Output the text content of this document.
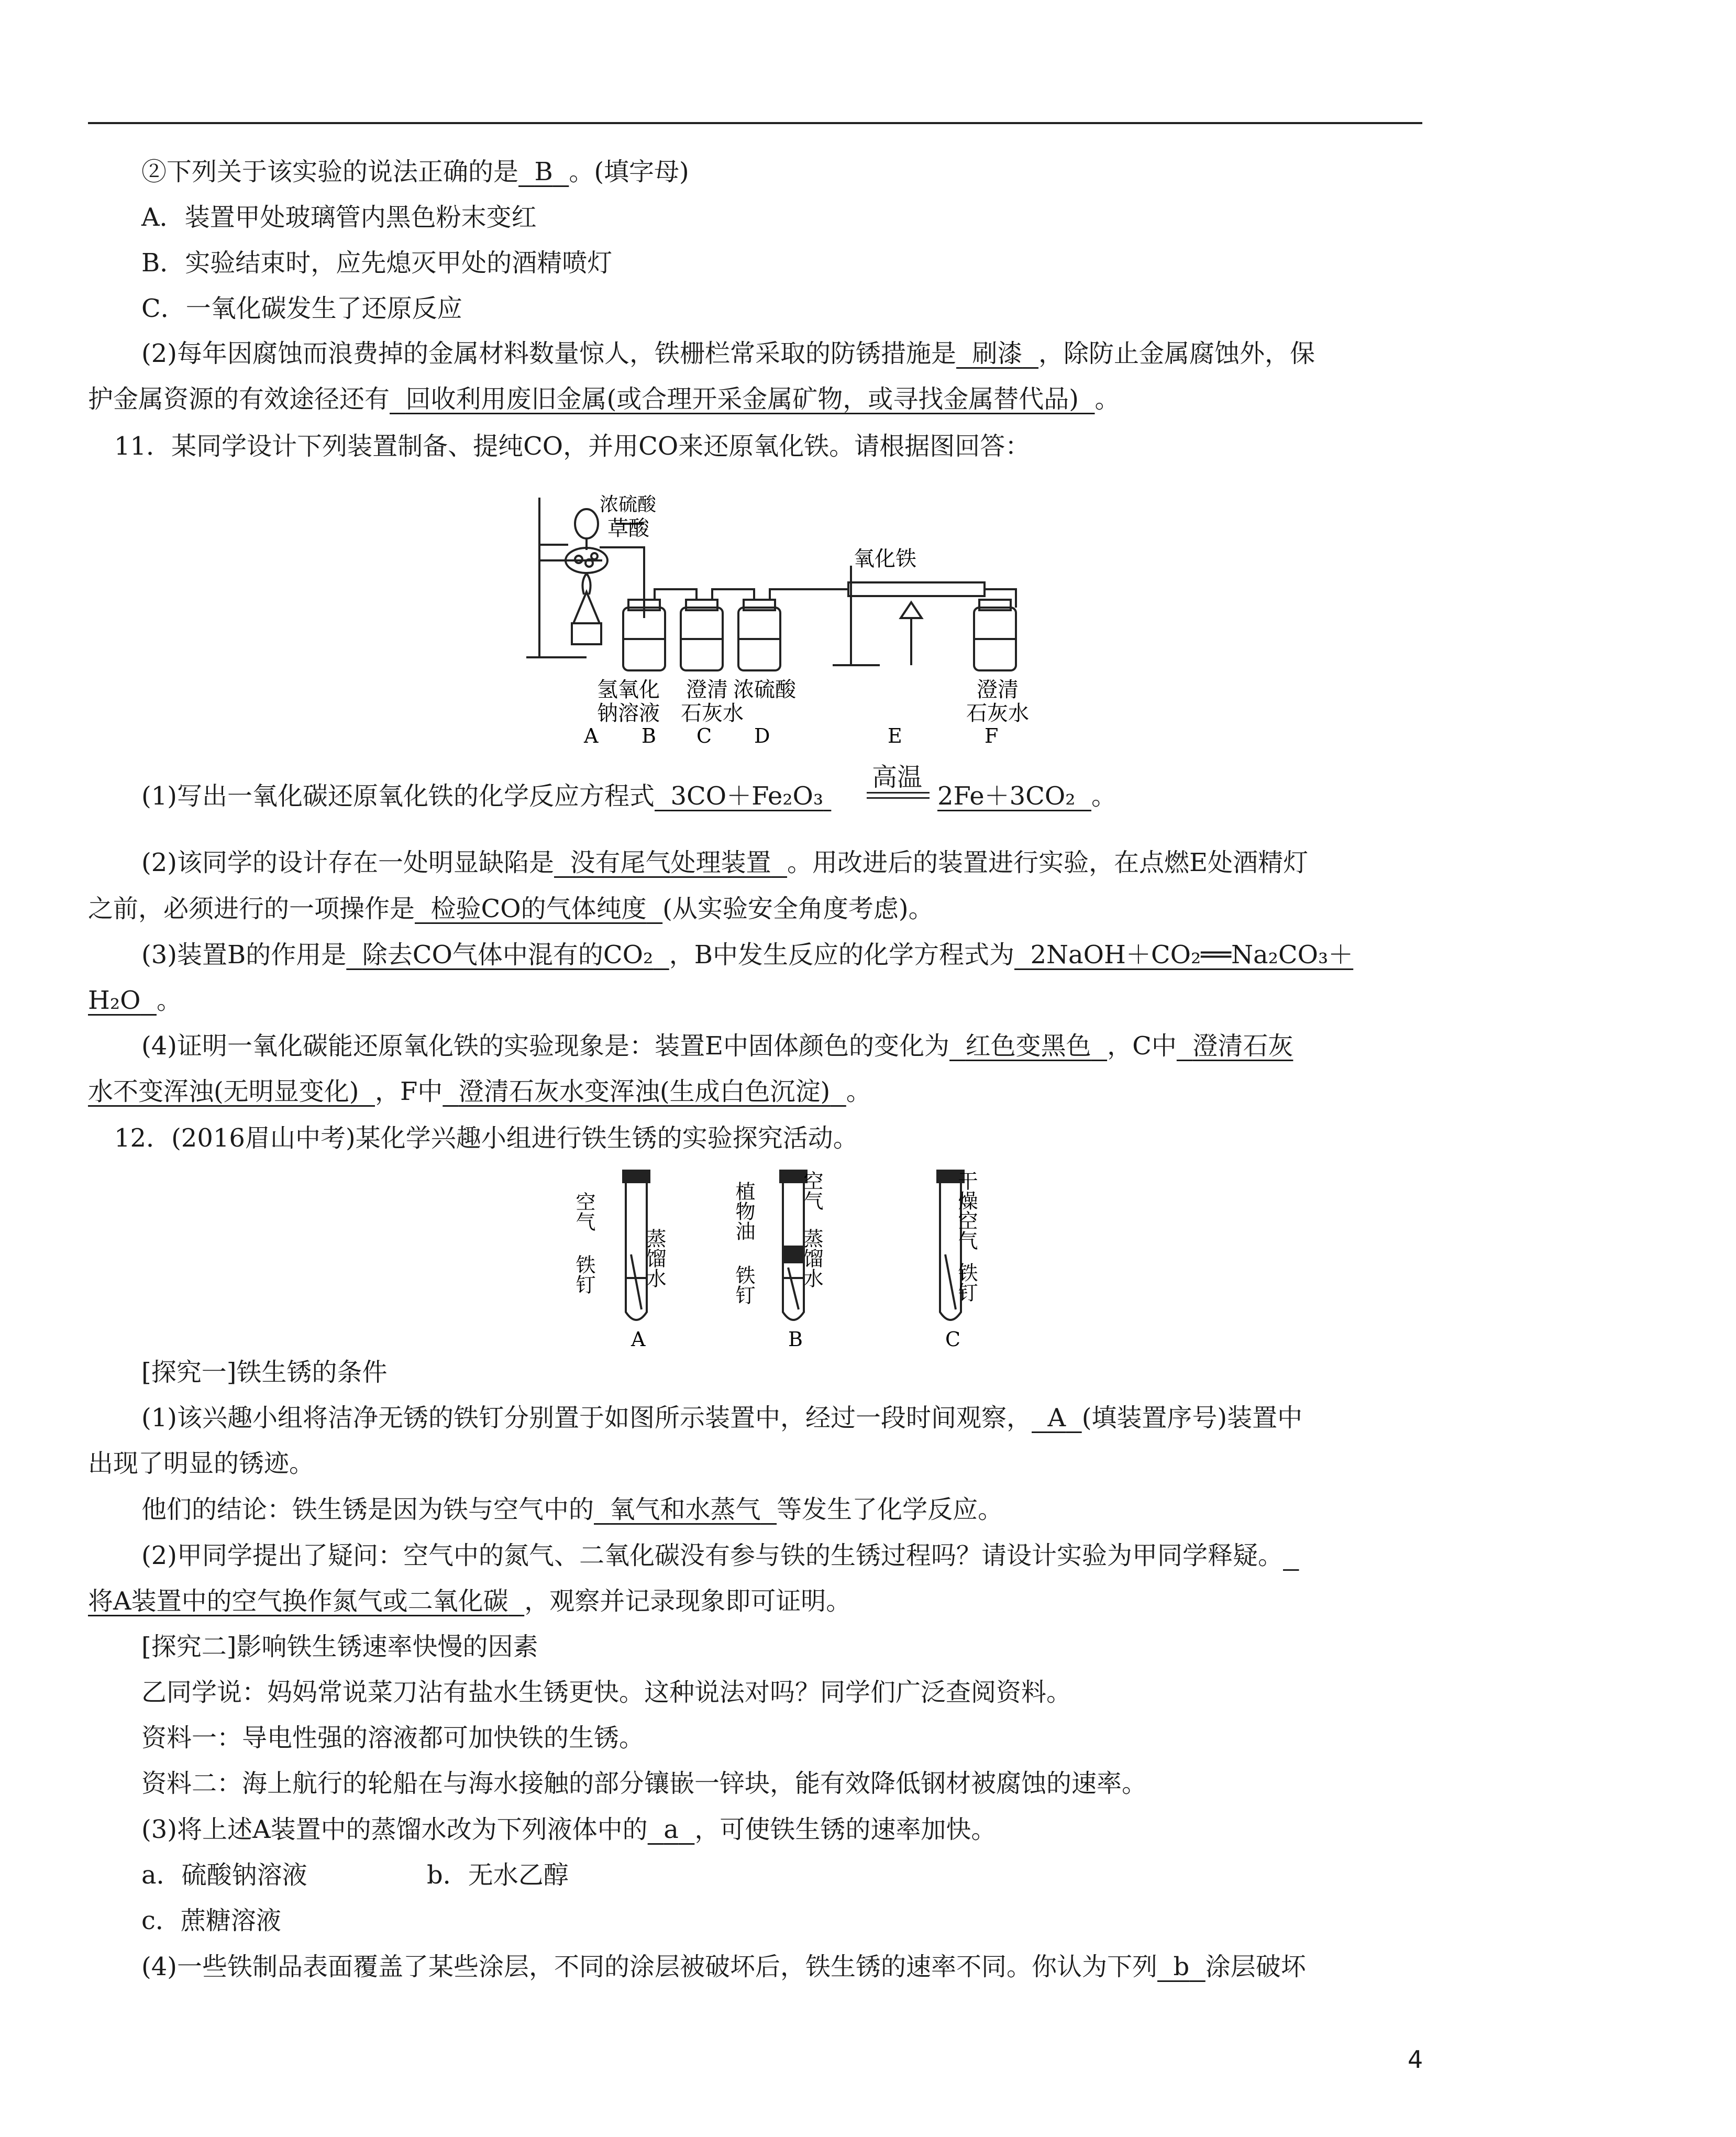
②下列关于该实验的说法正确的是 B 。(填字母)
A．装置甲处玻璃管内黑色粉末变红
B．实验结束时，应先熄灭甲处的酒精喷灯
C．一氧化碳发生了还原反应
(2)每年因腐蚀而浪费掉的金属材料数量惊人，铁栅栏常采取的防锈措施是 刷漆 ，除防止金属腐蚀外，保
护金属资源的有效途径还有 回收利用废旧金属(或合理开采金属矿物，或寻找金属替代品) 。
11．某同学设计下列装置制备、提纯CO，并用CO来还原氧化铁。请根据图回答：
浓硫酸
草酸
氧化铁
氢氧化
钠溶液
澄清
石灰水
浓硫酸	澄清
石灰水
A B C D	E	F
(1)写出一氧化碳还原氧化铁的化学反应方程式 3CO＋Fe₂O₃
高温
2Fe＋3CO₂ 。
(2)该同学的设计存在一处明显缺陷是 没有尾气处理装置 。用改进后的装置进行实验，在点燃E处酒精灯
之前，必须进行的一项操作是 检验CO的气体纯度 (从实验安全角度考虑)。
(3)装置B的作用是 除去CO气体中混有的CO₂ ，B中发生反应的化学方程式为 2NaOH＋CO₂══Na₂CO₃＋
H₂O 。
(4)证明一氧化碳能还原氧化铁的实验现象是：装置E中固体颜色的变化为 红色变黑色 ，C中 澄清石灰
水不变浑浊(无明显变化) ，F中 澄清石灰水变浑浊(生成白色沉淀) 。
12．(2016眉山中考)某化学兴趣小组进行铁生锈的实验探究活动。
空气
铁钉 蒸馏水
植物油 空气
铁钉 蒸馏水
干燥空气
铁钉
A	B	C
[探究一]铁生锈的条件
(1)该兴趣小组将洁净无锈的铁钉分别置于如图所示装置中，经过一段时间观察， A (填装置序号)装置中
出现了明显的锈迹。
他们的结论：铁生锈是因为铁与空气中的 氧气和水蒸气 等发生了化学反应。
(2)甲同学提出了疑问：空气中的氮气、二氧化碳没有参与铁的生锈过程吗？请设计实验为甲同学释疑。
将A装置中的空气换作氮气或二氧化碳 ，观察并记录现象即可证明。
[探究二]影响铁生锈速率快慢的因素
乙同学说：妈妈常说菜刀沾有盐水生锈更快。这种说法对吗？同学们广泛查阅资料。
资料一：导电性强的溶液都可加快铁的生锈。
资料二：海上航行的轮船在与海水接触的部分镶嵌一锌块，能有效降低钢材被腐蚀的速率。
(3)将上述A装置中的蒸馏水改为下列液体中的 a ，可使铁生锈的速率加快。
a．硫酸钠溶液	b．无水乙醇
c．蔗糖溶液
(4)一些铁制品表面覆盖了某些涂层，不同的涂层被破坏后，铁生锈的速率不同。你认为下列 b 涂层破坏
4
